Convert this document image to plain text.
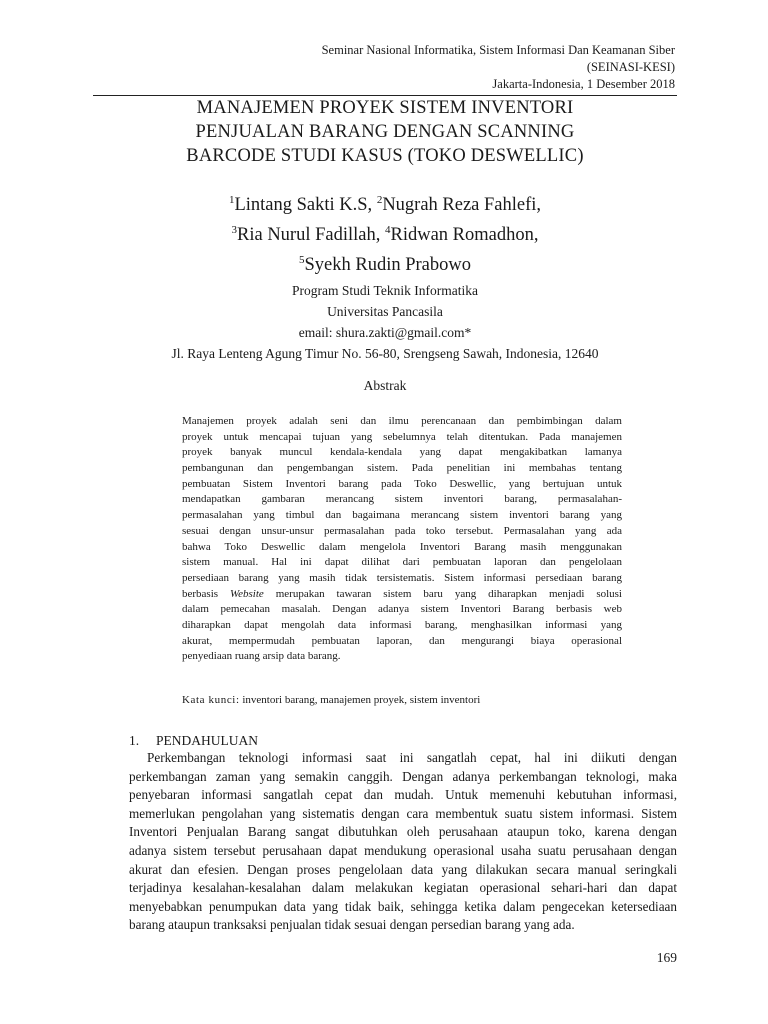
Seminar Nasional Informatika, Sistem Informasi Dan Keamanan Siber
(SEINASI-KESI)
Jakarta-Indonesia, 1 Desember 2018
MANAJEMEN PROYEK SISTEM INVENTORI
PENJUALAN BARANG DENGAN SCANNING
BARCODE STUDI KASUS (TOKO DESWELLIC)
$^1$Lintang Sakti K.S, $^2$Nugrah Reza Fahlefi,
$^3$Ria Nurul Fadillah, $^4$Ridwan Romadhon,
$^5$Syekh Rudin Prabowo
Program Studi Teknik Informatika
Universitas Pancasila
email: shura.zakti@gmail.com*
Jl. Raya Lenteng Agung Timur No. 56-80, Srengseng Sawah, Indonesia, 12640
Abstrak
Manajemen proyek adalah seni dan ilmu perencanaan dan pembimbingan dalam
proyek untuk mencapai tujuan yang sebelumnya telah ditentukan. Pada manajemen
proyek banyak muncul kendala-kendala yang dapat mengakibatkan lamanya
pembangunan dan pengembangan sistem. Pada penelitian ini membahas tentang
pembuatan Sistem Inventori barang pada Toko Deswellic, yang bertujuan untuk
mendapatkan gambaran merancang sistem inventori barang, permasalahan-
permasalahan yang timbul dan bagaimana merancang sistem inventori barang yang
sesuai dengan unsur-unsur permasalahan pada toko tersebut. Permasalahan yang ada
bahwa Toko Deswellic dalam mengelola Inventori Barang masih menggunakan
sistem manual. Hal ini dapat dilihat dari pembuatan laporan dan pengelolaan
persediaan barang yang masih tidak tersistematis. Sistem informasi persediaan barang
berbasis Website merupakan tawaran sistem baru yang diharapkan menjadi solusi
dalam pemecahan masalah. Dengan adanya sistem Inventori Barang berbasis web
diharapkan dapat mengolah data informasi barang, menghasilkan informasi yang
akurat, mempermudah pembuatan laporan, dan mengurangi biaya operasional
penyediaan ruang arsip data barang.
Kata kunci: inventori barang, manajemen proyek, sistem inventori
1. PENDAHULUAN
Perkembangan teknologi informasi saat ini sangatlah cepat, hal ini diikuti dengan
perkembangan zaman yang semakin canggih. Dengan adanya perkembangan teknologi, maka
penyebaran informasi sangatlah cepat dan mudah. Untuk memenuhi kebutuhan informasi,
memerlukan pengolahan yang sistematis dengan cara membentuk suatu sistem informasi. Sistem
Inventori Penjualan Barang sangat dibutuhkan oleh perusahaan ataupun toko, karena dengan
adanya sistem tersebut perusahaan dapat mendukung operasional usaha suatu perusahaan dengan
akurat dan efesien. Dengan proses pengelolaan data yang dilakukan secara manual seringkali
terjadinya kesalahan-kesalahan dalam melakukan kegiatan operasional sehari-hari dan dapat
menyebabkan penumpukan data yang tidak baik, sehingga ketika dalam pengecekan ketersediaan
barang ataupun tranksaksi penjualan tidak sesuai dengan persedian barang yang ada.
169
